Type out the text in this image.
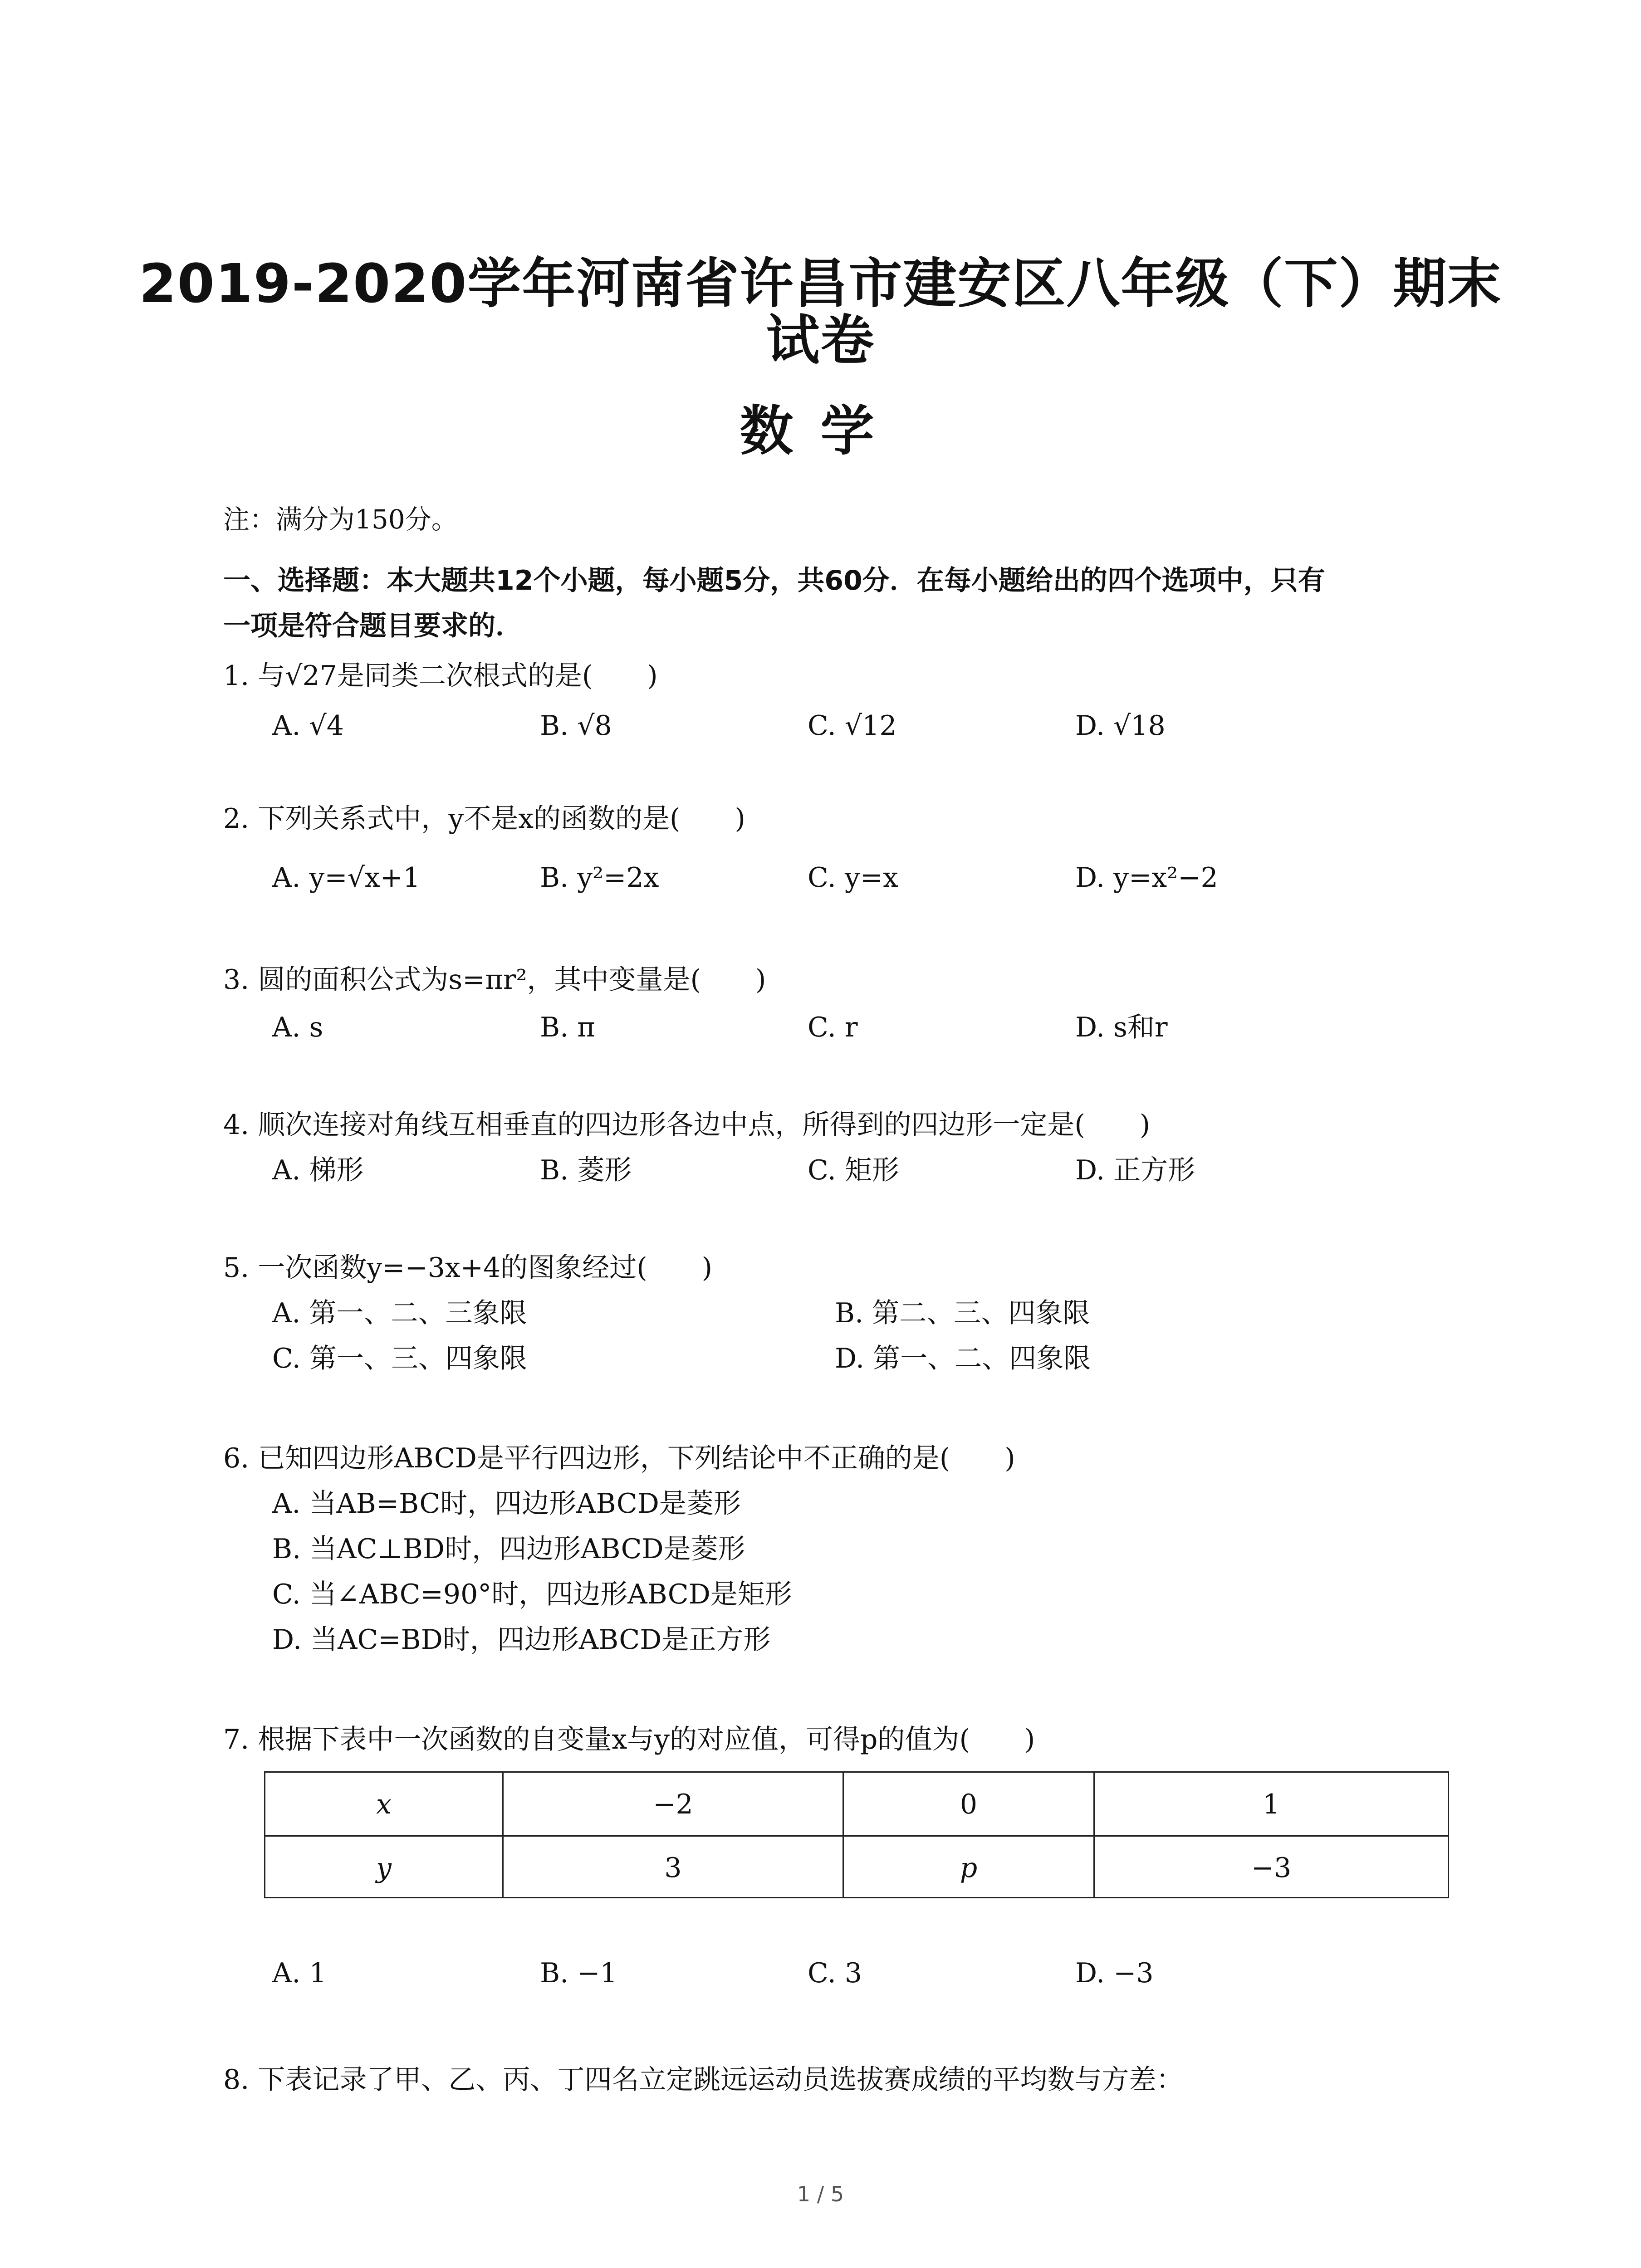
2019-2020学年河南省许昌市建安区八年级（下）期末
试卷
数学
注：满分为150分。
一、选择题：本大题共12个小题，每小题5分，共60分．在每小题给出的四个选项中，只有
一项是符合题目要求的．
1. 与√27是同类二次根式的是(　　)
A. √4	B. √8	C. √12	D. √18
2. 下列关系式中，y不是x的函数的是(　　)
A. y=√x+1	B. y²=2x	C. y=x	D. y=x²−2
3. 圆的面积公式为s=πr²，其中变量是(　　)
A. s	B. π	C. r	D. s和r
4. 顺次连接对角线互相垂直的四边形各边中点，所得到的四边形一定是(　　)
A. 梯形	B. 菱形	C. 矩形	D. 正方形
5. 一次函数y=−3x+4的图象经过(　　)
A. 第一、二、三象限	B. 第二、三、四象限
C. 第一、三、四象限	D. 第一、二、四象限
6. 已知四边形ABCD是平行四边形，下列结论中不正确的是(　　)
A. 当AB=BC时，四边形ABCD是菱形
B. 当AC⊥BD时，四边形ABCD是菱形
C. 当∠ABC=90°时，四边形ABCD是矩形
D. 当AC=BD时，四边形ABCD是正方形
7. 根据下表中一次函数的自变量x与y的对应值，可得p的值为(　　)
x	−2	0	1
y	3	p	−3
A. 1	B. −1	C. 3	D. −3
8. 下表记录了甲、乙、丙、丁四名立定跳远运动员选拔赛成绩的平均数与方差：
1 / 5
